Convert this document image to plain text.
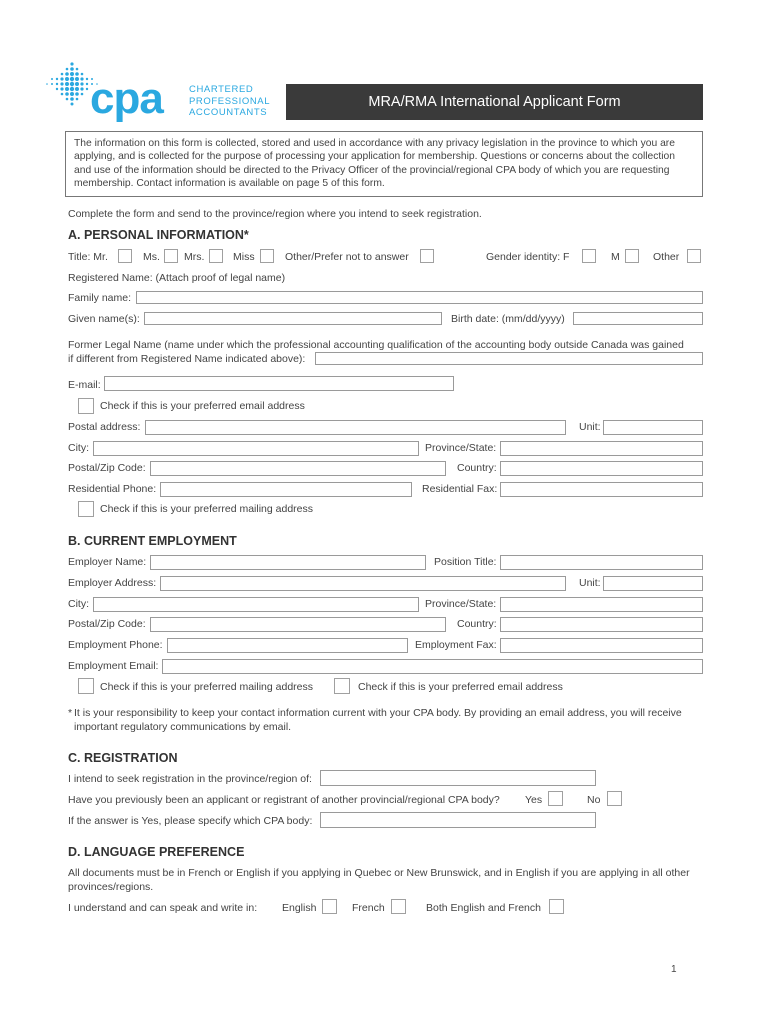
cpa	CHARTERED
PROFESSIONAL
ACCOUNTANTS
MRA/RMA International Applicant Form
The information on this form is collected, stored and used in accordance with any privacy legislation in the province to which you are applying, and is collected for the purpose of processing your application for membership. Questions or concerns about the collection and use of the information should be directed to the Privacy Officer of the provincial/regional CPA body of which you are requesting membership. Contact information is available on page 5 of this form.
Complete the form and send to the province/region where you intend to seek registration.
A. PERSONAL INFORMATION*
Title: Mr.	Ms. Mrs.	Miss	Other/Prefer not to answer	Gender identity: F	M	Other
Registered Name: (Attach proof of legal name)
Family name:
Given name(s):	Birth date: (mm/dd/yyyy)
Former Legal Name (name under which the professional accounting qualification of the accounting body outside Canada was gained
if different from Registered Name indicated above):
E-mail:
Check if this is your preferred email address
Postal address:	Unit:
City:	Province/State:
Postal/Zip Code:	Country:
Residential Phone:	Residential Fax:
Check if this is your preferred mailing address
B. CURRENT EMPLOYMENT
Employer Name:	Position Title:
Employer Address:	Unit:
City:	Province/State:
Postal/Zip Code:	Country:
Employment Phone:	Employment Fax:
Employment Email:
Check if this is your preferred mailing address	Check if this is your preferred email address
* It is your responsibility to keep your contact information current with your CPA body. By providing an email address, you will receive
important regulatory communications by email.
C. REGISTRATION
I intend to seek registration in the province/region of:
Have you previously been an applicant or registrant of another provincial/regional CPA body? Yes	No
If the answer is Yes, please specify which CPA body:
D. LANGUAGE PREFERENCE
All documents must be in French or English if you applying in Quebec or New Brunswick, and in English if you are applying in all other
provinces/regions.
I understand and can speak and write in: English	French	Both English and French
1
